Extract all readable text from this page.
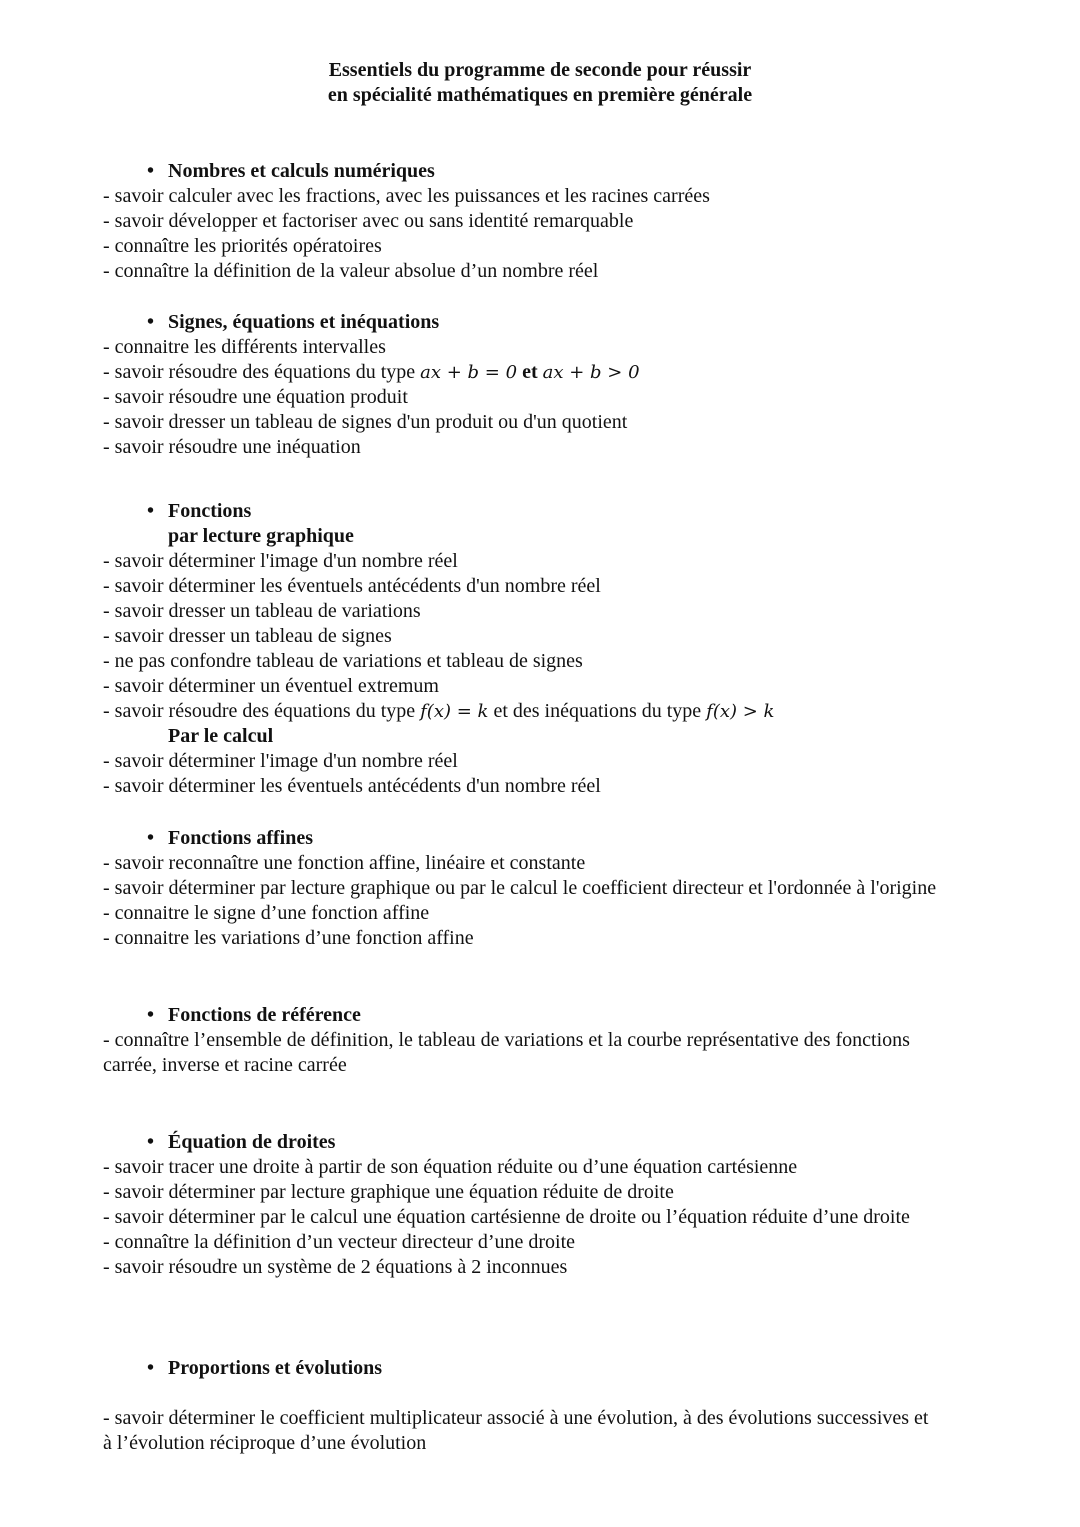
Essentiels du programme de seconde pour réussir
en spécialité mathématiques en première générale
• Nombres et calculs numériques
- savoir calculer avec les fractions, avec les puissances et les racines carrées
- savoir développer et factoriser avec ou sans identité remarquable
- connaître les priorités opératoires
- connaître la définition de la valeur absolue d’un nombre réel
• Signes, équations et inéquations
- connaitre les différents intervalles
- savoir résoudre des équations du type ax + b = 0 et ax + b > 0
- savoir résoudre une équation produit
- savoir dresser un tableau de signes d'un produit ou d'un quotient
- savoir résoudre une inéquation
• Fonctions
par lecture graphique
- savoir déterminer l'image d'un nombre réel
- savoir déterminer les éventuels antécédents d'un nombre réel
- savoir dresser un tableau de variations
- savoir dresser un tableau de signes
- ne pas confondre tableau de variations et tableau de signes
- savoir déterminer un éventuel extremum
- savoir résoudre des équations du type f(x) = k et des inéquations du type f(x) > k
Par le calcul
- savoir déterminer l'image d'un nombre réel
- savoir déterminer les éventuels antécédents d'un nombre réel
• Fonctions affines
- savoir reconnaître une fonction affine, linéaire et constante
- savoir déterminer par lecture graphique ou par le calcul le coefficient directeur et l'ordonnée à l'origine
- connaitre le signe d’une fonction affine
- connaitre les variations d’une fonction affine
• Fonctions de référence
- connaître l’ensemble de définition, le tableau de variations et la courbe représentative des fonctions carrée, inverse et racine carrée
• Équation de droites
- savoir tracer une droite à partir de son équation réduite ou d’une équation cartésienne
- savoir déterminer par lecture graphique une équation réduite de droite
- savoir déterminer par le calcul une équation cartésienne de droite ou l’équation réduite d’une droite
- connaître la définition d’un vecteur directeur d’une droite
- savoir résoudre un système de 2 équations à 2 inconnues
• Proportions et évolutions
- savoir déterminer le coefficient multiplicateur associé à une évolution, à des évolutions successives et à l’évolution réciproque d’une évolution
